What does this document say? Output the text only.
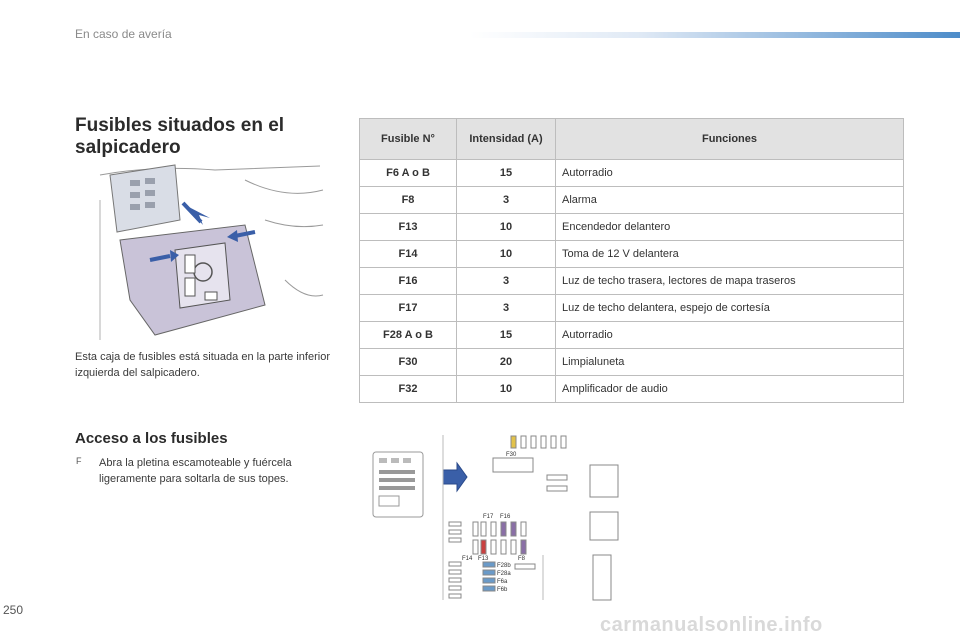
En caso de avería
Fusibles situados en el salpicadero
Esta caja de fusibles está situada en la parte inferior izquierda del salpicadero.
Acceso a los fusibles
F Abra la pletina escamoteable y fuércela ligeramente para soltarla de sus topes.
Fusible N°	Intensidad (A)	Funciones
F6 A o B	15	Autorradio
F8	3	Alarma
F13	10	Encendedor delantero
F14	10	Toma de 12 V delantera
F16	3	Luz de techo trasera, lectores de mapa traseros
F17	3	Luz de techo delantera, espejo de cortesía
F28 A o B	15	Autorradio
F30	20	Limpialuneta
F32	10	Amplificador de audio
F30
F17 F16
F14 F13	F8
F28b
F28a
F6a
F6b
250
carmanualsonline.info
